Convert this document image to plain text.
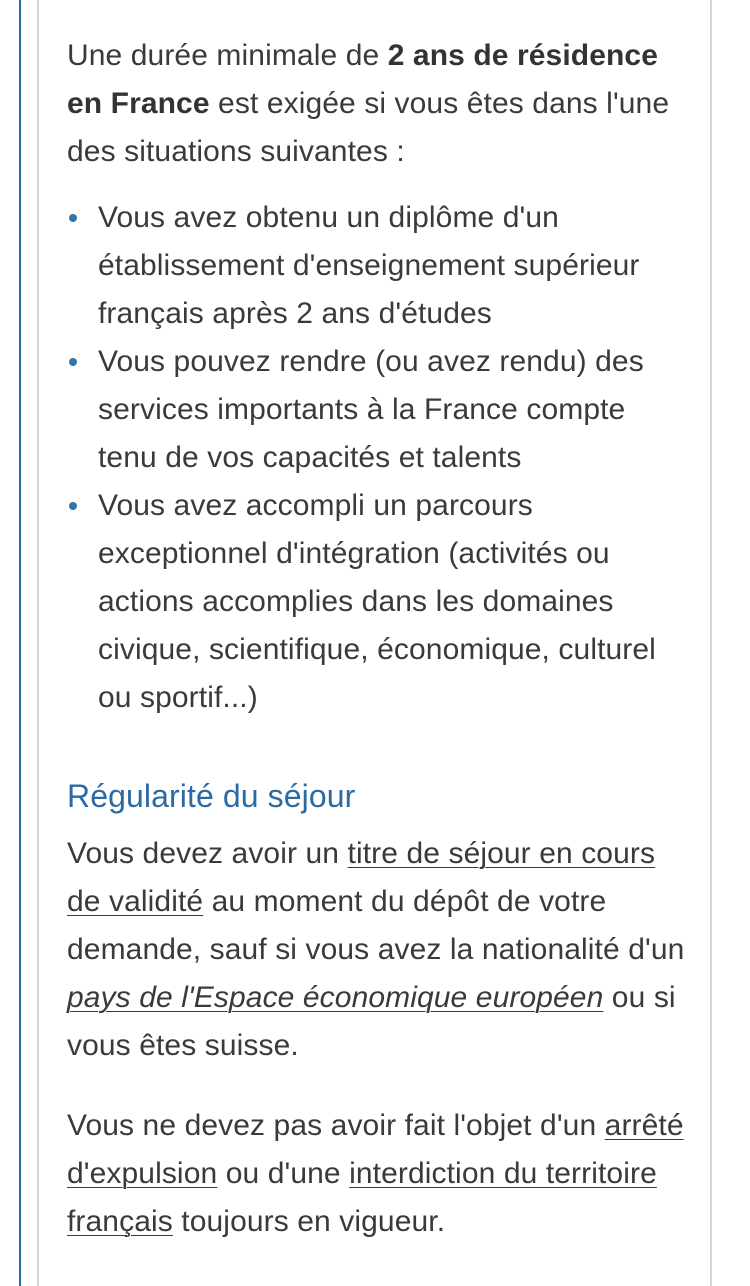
Une durée minimale de 2 ans de résidence en France est exigée si vous êtes dans l'une des situations suivantes :

Vous avez obtenu un diplôme d'un établissement d'enseignement supérieur français après 2 ans d'études
Vous pouvez rendre (ou avez rendu) des services importants à la France compte tenu de vos capacités et talents
Vous avez accompli un parcours exceptionnel d'intégration (activités ou actions accomplies dans les domaines civique, scientifique, économique, culturel ou sportif...)
Régularité du séjour

Vous devez avoir un titre de séjour en cours de validité au moment du dépôt de votre demande, sauf si vous avez la nationalité d'un pays de l'Espace économique européen ou si vous êtes suisse.

Vous ne devez pas avoir fait l'objet d'un arrêté d'expulsion ou d'une interdiction du territoire français toujours en vigueur.
